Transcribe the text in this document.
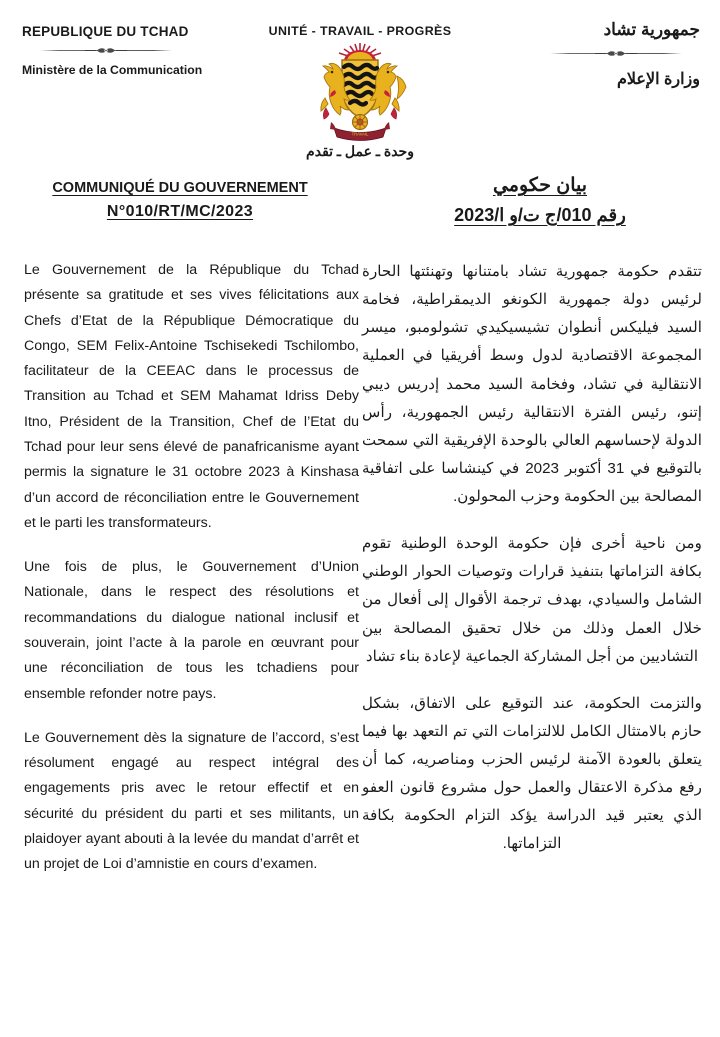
REPUBLIQUE DU TCHAD
Ministère de la Communication
UNITÉ - TRAVAIL - PROGRÈS
TRAVAIL
وحدة ـ عمل ـ تقدم
جمهورية تشاد
وزارة الإعلام
COMMUNIQUÉ DU GOUVERNEMENT
N°010/RT/MC/2023
بيان حكومي
رقم 010/ج ت/و ا/2023

Le Gouvernement de la République du Tchad présente sa gratitude et ses vives félicitations aux Chefs d’Etat de la République Démocratique du Congo, SEM Felix-Antoine Tschisekedi Tschilombo, facilitateur de la CEEAC dans le processus de Transition au Tchad et SEM Mahamat Idriss Deby Itno, Président de la Transition, Chef de l’Etat du Tchad pour leur sens élevé de panafricanisme ayant permis la signature le 31 octobre 2023 à Kinshasa d’un accord de réconciliation entre le Gouvernement et le parti les transformateurs.

Une fois de plus, le Gouvernement d’Union Nationale, dans le respect des résolutions et recommandations du dialogue national inclusif et souverain, joint l’acte à la parole en œuvrant pour une réconciliation de tous les tchadiens pour ensemble refonder notre pays.

Le Gouvernement dès la signature de l’accord, s’est résolument engagé au respect intégral des engagements pris avec le retour effectif et en sécurité du président du parti et ses militants, un plaidoyer ayant abouti à la levée du mandat d’arrêt et un projet de Loi d’amnistie en cours d’examen.

تتقدم حكومة جمهورية تشاد بامتنانها وتهنئتها الحارة لرئيس دولة جمهورية الكونغو الديمقراطية، فخامة السيد فيليكس أنطوان تشيسيكيدي تشولومبو، ميسر المجموعة الاقتصادية لدول وسط أفريقيا في العملية الانتقالية في تشاد، وفخامة السيد محمد إدريس ديبي إتنو، رئيس الفترة الانتقالية رئيس الجمهورية، رأس الدولة لإحساسهم العالي بالوحدة الإفريقية التي سمحت بالتوقيع في 31 أكتوبر 2023 في كينشاسا على اتفاقية المصالحة بين الحكومة وحزب المحولون.

ومن ناحية أخرى فإن حكومة الوحدة الوطنية تقوم بكافة التزاماتها بتنفيذ قرارات وتوصيات الحوار الوطني الشامل والسيادي، بهدف ترجمة الأقوال إلى أفعال من خلال العمل وذلك من خلال تحقيق المصالحة بين التشاديين من أجل المشاركة الجماعية لإعادة بناء تشاد

والتزمت الحكومة، عند التوقيع على الاتفاق، بشكل حازم بالامتثال الكامل للالتزامات التي تم التعهد بها فيما يتعلق بالعودة الآمنة لرئيس الحزب ومناصريه، كما أن رفع مذكرة الاعتقال والعمل حول مشروع قانون العفو الذي يعتبر قيد الدراسة يؤكد التزام الحكومة بكافة التزاماتها.
